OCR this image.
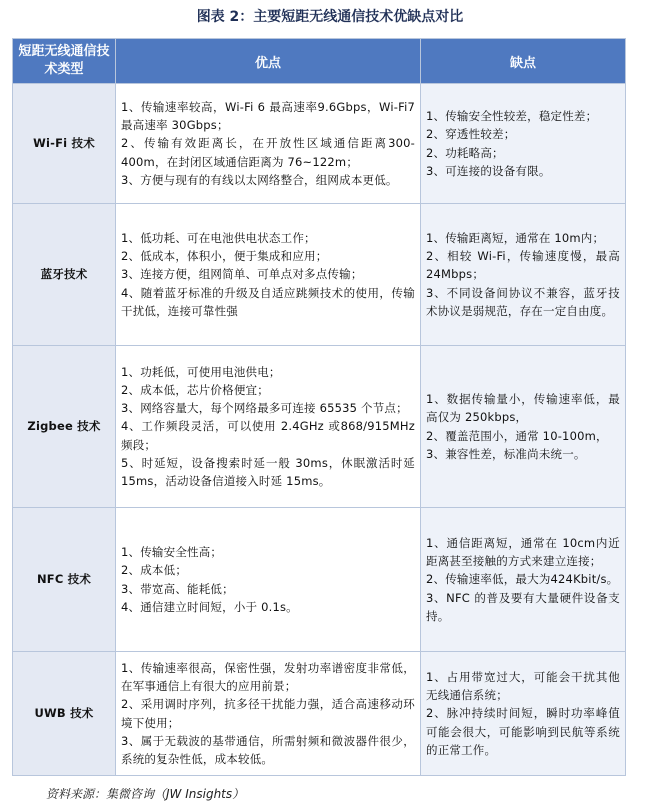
图表 2：主要短距无线通信技术优缺点对比
短距无线通信技术类型	优点	缺点
Wi-Fi 技术	1、传输速率较高，Wi-Fi 6 最高速率9.6Gbps，Wi-Fi7 最高速率 30Gbps；
2、传输有效距离长，在开放性区域通信距离300-400m，在封闭区域通信距离为 76~122m；
3、方便与现有的有线以太网络整合，组网成本更低。	1、传输安全性较差，稳定性差；
2、穿透性较差；
2、功耗略高；
3、可连接的设备有限。

蓝牙技术	1、低功耗、可在电池供电状态工作；
2、低成本，体积小，便于集成和应用；
3、连接方便，组网简单、可单点对多点传输；
4、随着蓝牙标准的升级及自适应跳频技术的使用，传输干扰低，连接可靠性强	1、传输距离短，通常在 10m内；
2、相较 Wi-Fi，传输速度慢，最高 24Mbps；
3、不同设备间协议不兼容，蓝牙技术协议是弱规范，存在一定自由度。

Zigbee 技术	1、功耗低，可使用电池供电；
2、成本低，芯片价格便宜；
3、网络容量大，每个网络最多可连接 65535 个节点；
4、工作频段灵活，可以使用 2.4GHz 或868/915MHz 频段；
5、时延短，设备搜索时延一般 30ms，休眠激活时延 15ms，活动设备信道接入时延 15ms。	1、数据传输量小，传输速率低，最高仅为 250kbps，
2、覆盖范围小，通常 10-100m，
3、兼容性差，标准尚未统一。

NFC 技术	1、传输安全性高；
2、成本低；
3、带宽高、能耗低；
4、通信建立时间短，小于 0.1s。	1、通信距离短，通常在 10cm内近距离甚至接触的方式来建立连接；
2、传输速率低，最大为424Kbit/s。
3、NFC 的普及要有大量硬件设备支持。

UWB 技术	1、传输速率很高，保密性强，发射功率谱密度非常低，在军事通信上有很大的应用前景；
2、采用调时序列，抗多径干扰能力强，适合高速移动环境下使用；
3、属于无载波的基带通信，所需射频和微波器件很少，系统的复杂性低，成本较低。	1、占用带宽过大，可能会干扰其他无线通信系统；
2、脉冲持续时间短，瞬时功率峰值可能会很大，可能影响到民航等系统的正常工作。
资料来源：集微咨询（JW Insights）
